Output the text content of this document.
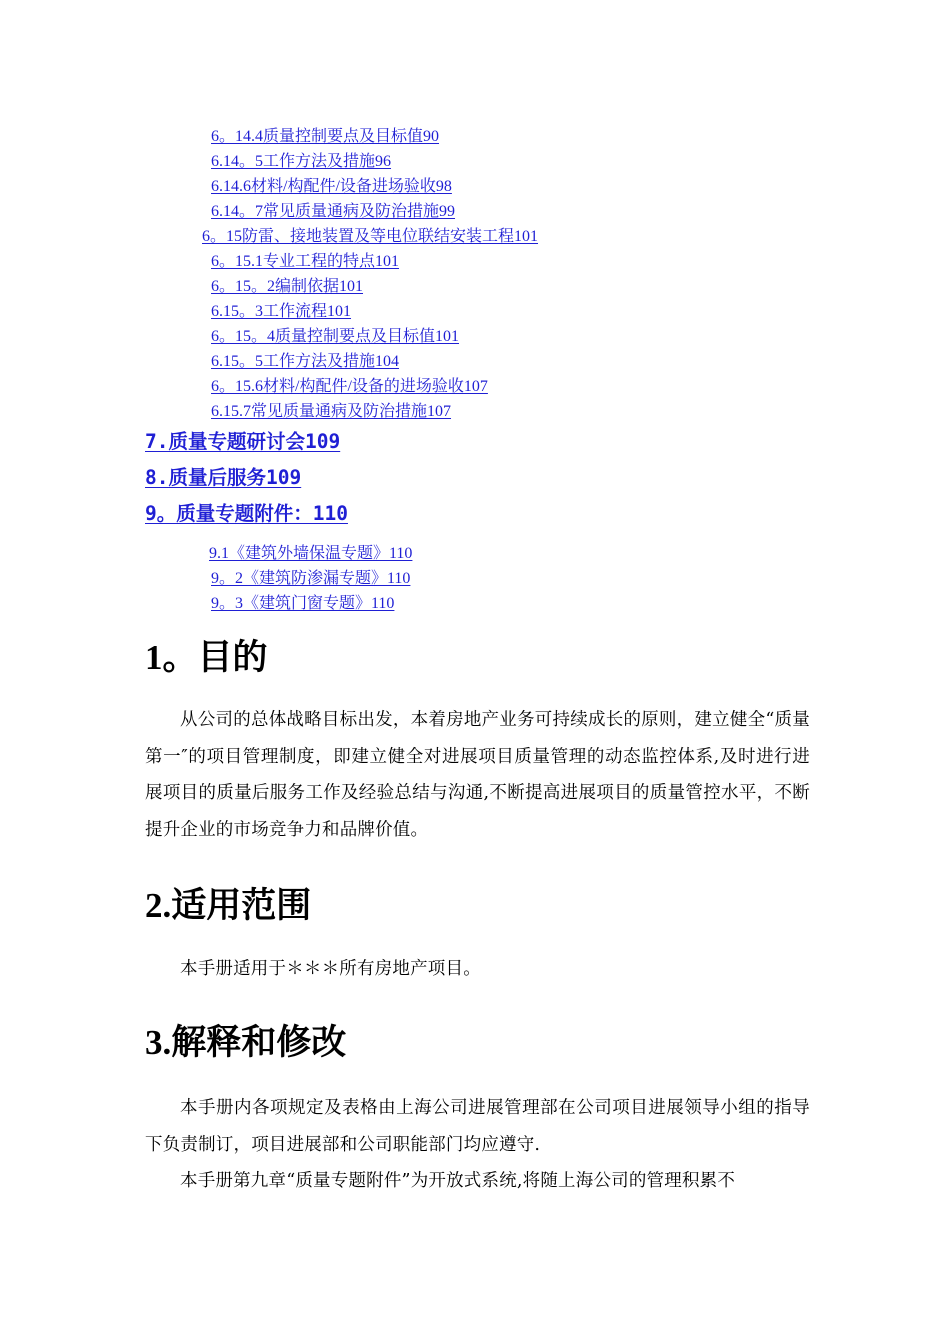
6。14.4质量控制要点及目标值90
6.14。5工作方法及措施96
6.14.6材料/构配件/设备进场验收98
6.14。7常见质量通病及防治措施99
6。15防雷、接地装置及等电位联结安装工程101
6。15.1专业工程的特点101
6。15。2编制依据101
6.15。3工作流程101
6。15。4质量控制要点及目标值101
6.15。5工作方法及措施104
6。15.6材料/构配件/设备的进场验收107
6.15.7常见质量通病及防治措施107
7.质量专题研讨会109
8.质量后服务109
9。质量专题附件：110
9.1《建筑外墙保温专题》110
9。2《建筑防渗漏专题》110
9。3《建筑门窗专题》110
1。目的

从公司的总体战略目标出发，本着房地产业务可持续成长的原则，建立健全“质量第一″的项目管理制度，即建立健全对进展项目质量管理的动态监控体系,及时进行进展项目的质量后服务工作及经验总结与沟通,不断提高进展项目的质量管控水平，不断提升企业的市场竞争力和品牌价值。

2.适用范围

本手册适用于＊＊＊所有房地产项目。

3.解释和修改

本手册内各项规定及表格由上海公司进展管理部在公司项目进展领导小组的指导下负责制订，项目进展部和公司职能部门均应遵守.

本手册第九章“质量专题附件”为开放式系统,将随上海公司的管理积累不
